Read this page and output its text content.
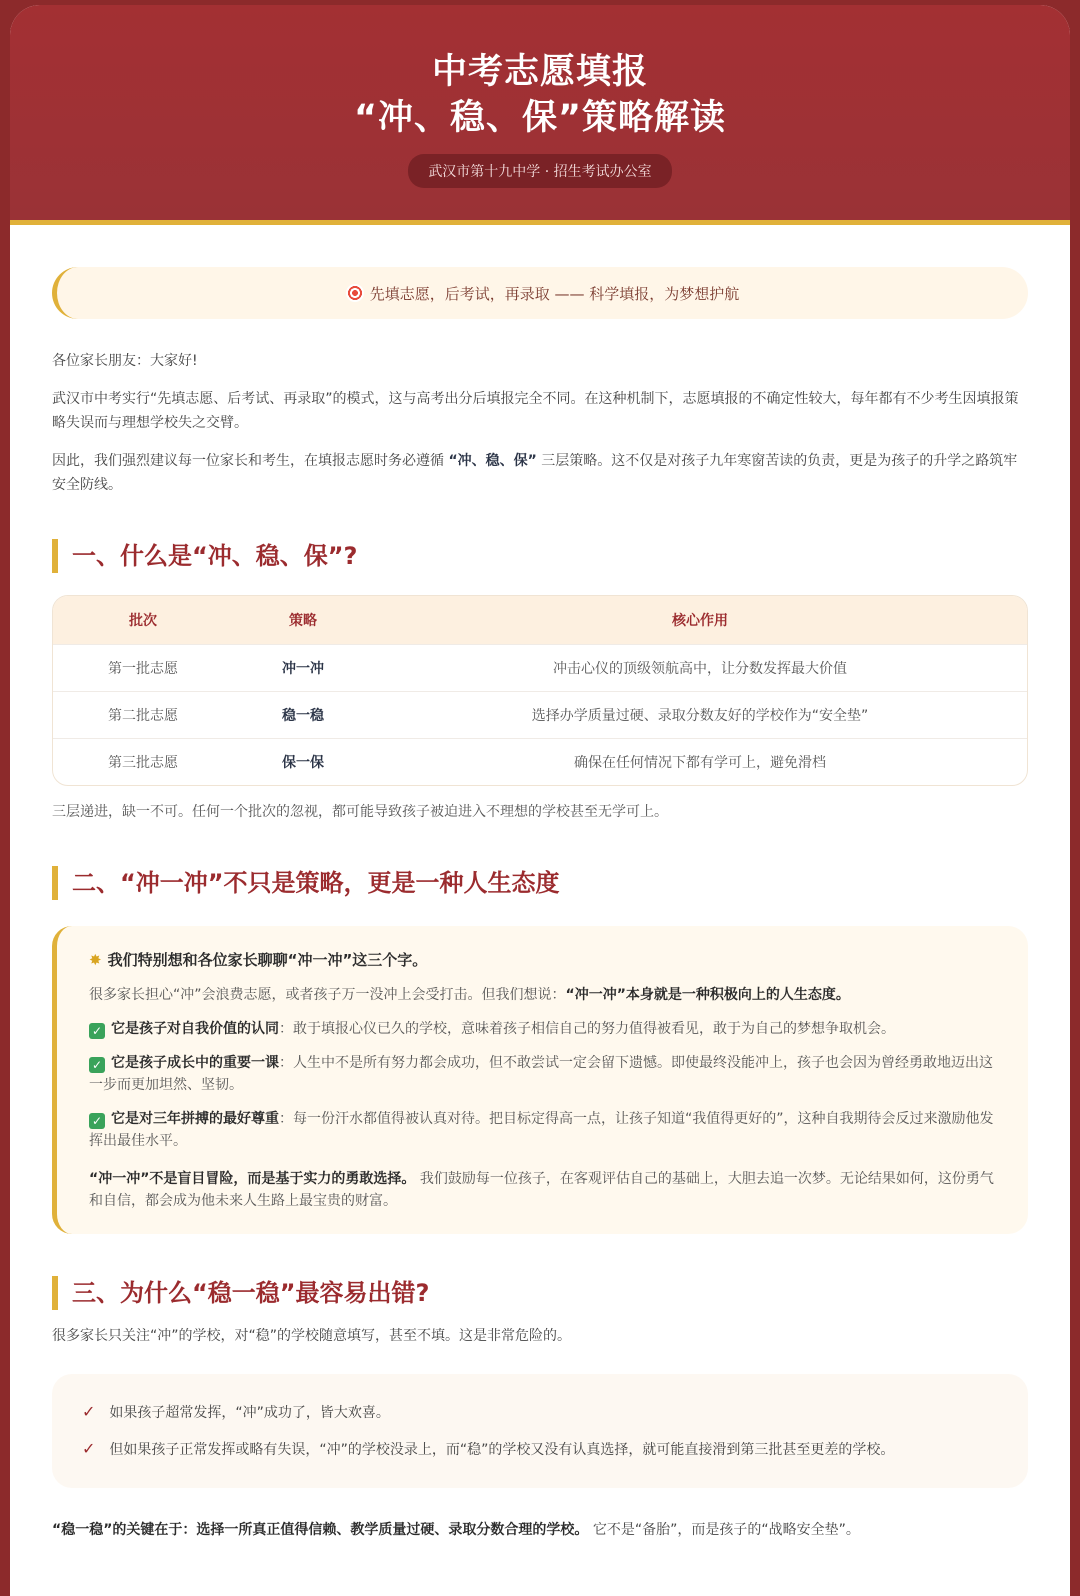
中考志愿填报
“冲、稳、保”策略解读
武汉市第十九中学 · 招生考试办公室
先填志愿，后考试，再录取 —— 科学填报，为梦想护航

各位家长朋友：大家好!

武汉市中考实行“先填志愿、后考试、再录取”的模式，这与高考出分后填报完全不同。在这种机制下，志愿填报的不确定性较大，每年都有不少考生因填报策略失误而与理想学校失之交臂。

因此，我们强烈建议每一位家长和考生，在填报志愿时务必遵循 “冲、稳、保” 三层策略。这不仅是对孩子九年寒窗苦读的负责，更是为孩子的升学之路筑牢安全防线。

一、什么是“冲、稳、保”?
批次	策略	核心作用
第一批志愿	冲一冲	冲击心仪的顶级领航高中，让分数发挥最大价值
第二批志愿	稳一稳	选择办学质量过硬、录取分数友好的学校作为“安全垫”
第三批志愿	保一保	确保在任何情况下都有学可上，避免滑档

三层递进，缺一不可。任何一个批次的忽视，都可能导致孩子被迫进入不理想的学校甚至无学可上。

二、“冲一冲”不只是策略，更是一种人生态度
✸ 我们特别想和各位家长聊聊“冲一冲”这三个字。

很多家长担心“冲”会浪费志愿，或者孩子万一没冲上会受打击。但我们想说：“冲一冲”本身就是一种积极向上的人生态度。

✓ 它是孩子对自我价值的认同：敢于填报心仪已久的学校，意味着孩子相信自己的努力值得被看见，敢于为自己的梦想争取机会。

✓ 它是孩子成长中的重要一课：人生中不是所有努力都会成功，但不敢尝试一定会留下遗憾。即使最终没能冲上，孩子也会因为曾经勇敢地迈出这一步而更加坦然、坚韧。

✓ 它是对三年拼搏的最好尊重：每一份汗水都值得被认真对待。把目标定得高一点，让孩子知道“我值得更好的”，这种自我期待会反过来激励他发挥出最佳水平。

“冲一冲”不是盲目冒险，而是基于实力的勇敢选择。 我们鼓励每一位孩子，在客观评估自己的基础上，大胆去追一次梦。无论结果如何，这份勇气和自信，都会成为他未来人生路上最宝贵的财富。

三、为什么“稳一稳”最容易出错?

很多家长只关注“冲”的学校，对“稳”的学校随意填写，甚至不填。这是非常危险的。

✓ 如果孩子超常发挥，“冲”成功了，皆大欢喜。
✓ 但如果孩子正常发挥或略有失误，“冲”的学校没录上，而“稳”的学校又没有认真选择，就可能直接滑到第三批甚至更差的学校。

“稳一稳”的关键在于：选择一所真正值得信赖、教学质量过硬、录取分数合理的学校。 它不是“备胎”，而是孩子的“战略安全垫”。
